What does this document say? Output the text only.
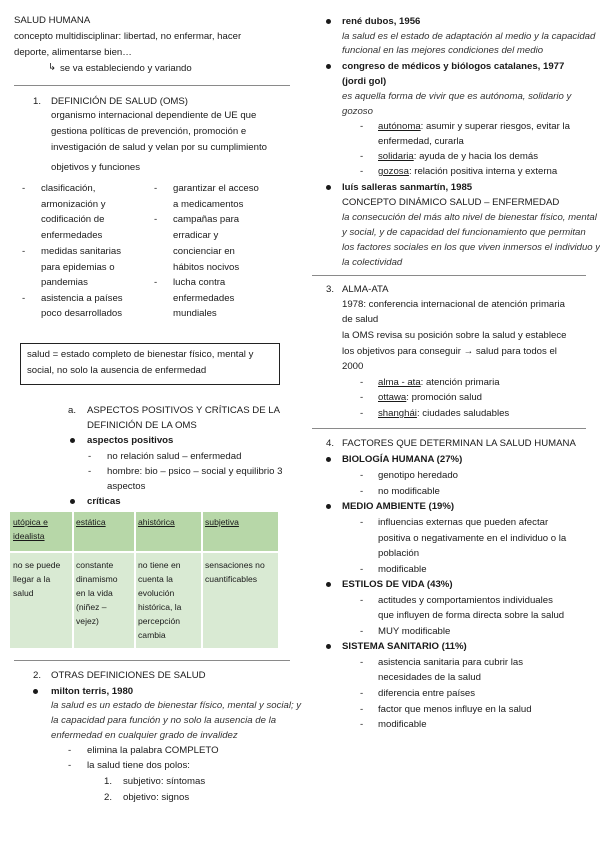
SALUD HUMANA
concepto multidisciplinar: libertad, no enfermar, hacer
deporte, alimentarse bien…
↳ se va estableciendo y variando
1. DEFINICIÓN DE SALUD (OMS)
organismo internacional dependiente de UE que
gestiona políticas de prevención, promoción e
investigación de salud y velan por su cumplimiento
objetivos y funciones
- clasificación,
armonización y
codificación de
enfermedades
- medidas sanitarias
para epidemias o
pandemias
- asistencia a países
poco desarrollados
- garantizar el acceso
a medicamentos
- campañas para
erradicar y
concienciar en
hábitos nocivos
- lucha contra
enfermedades
mundiales
salud = estado completo de bienestar físico, mental y
social, no solo la ausencia de enfermedad
a. ASPECTOS POSITIVOS Y CRÍTICAS DE LA
DEFINICIÓN DE LA OMS
aspectos positivos
- no relación salud – enfermedad
- hombre: bio – psico – social y equilibrio 3
aspectos
críticas
utópica e
idealista
estática	ahistórica	subjetiva
no se puede
llegar a la
salud
constante
dinamismo
en la vida
(niñez –
vejez)
no tiene en
cuenta la
evolución
histórica, la
percepción
cambia
sensaciones no
cuantificables
2. OTRAS DEFINICIONES DE SALUD
milton terris, 1980
la salud es un estado de bienestar físico, mental y social; y
la capacidad para función y no solo la ausencia de la
enfermedad en cualquier grado de invalidez
- elimina la palabra COMPLETO
- la salud tiene dos polos:
1. subjetivo: síntomas
2. objetivo: signos
rené dubos, 1956
la salud es el estado de adaptación al medio y la capacidad
funcional en las mejores condiciones del medio
congreso de médicos y biólogos catalanes, 1977
(jordi gol)
es aquella forma de vivir que es autónoma, solidario y
gozoso
- autónoma: asumir y superar riesgos, evitar la
enfermedad, curarla
- solidaria: ayuda de y hacia los demás
- gozosa: relación positiva interna y externa
luís salleras sanmartín, 1985
CONCEPTO DINÁMICO SALUD – ENFERMEDAD
la consecución del más alto nivel de bienestar físico, mental
y social, y de capacidad del funcionamiento que permitan
los factores sociales en los que viven inmersos el individuo y
la colectividad
3. ALMA-ATA
1978: conferencia internacional de atención primaria
de salud
la OMS revisa su posición sobre la salud y establece
los objetivos para conseguir → salud para todos el
2000
- alma - ata: atención primaria
- ottawa: promoción salud
- shanghái: ciudades saludables
4. FACTORES QUE DETERMINAN LA SALUD HUMANA
BIOLOGÍA HUMANA (27%)
- genotipo heredado
- no modificable
MEDIO AMBIENTE (19%)
- influencias externas que pueden afectar
positiva o negativamente en el individuo o la
población
- modificable
ESTILOS DE VIDA (43%)
- actitudes y comportamientos individuales
que influyen de forma directa sobre la salud
- MUY modificable
SISTEMA SANITARIO (11%)
- asistencia sanitaria para cubrir las
necesidades de la salud
- diferencia entre países
- factor que menos influye en la salud
- modificable
